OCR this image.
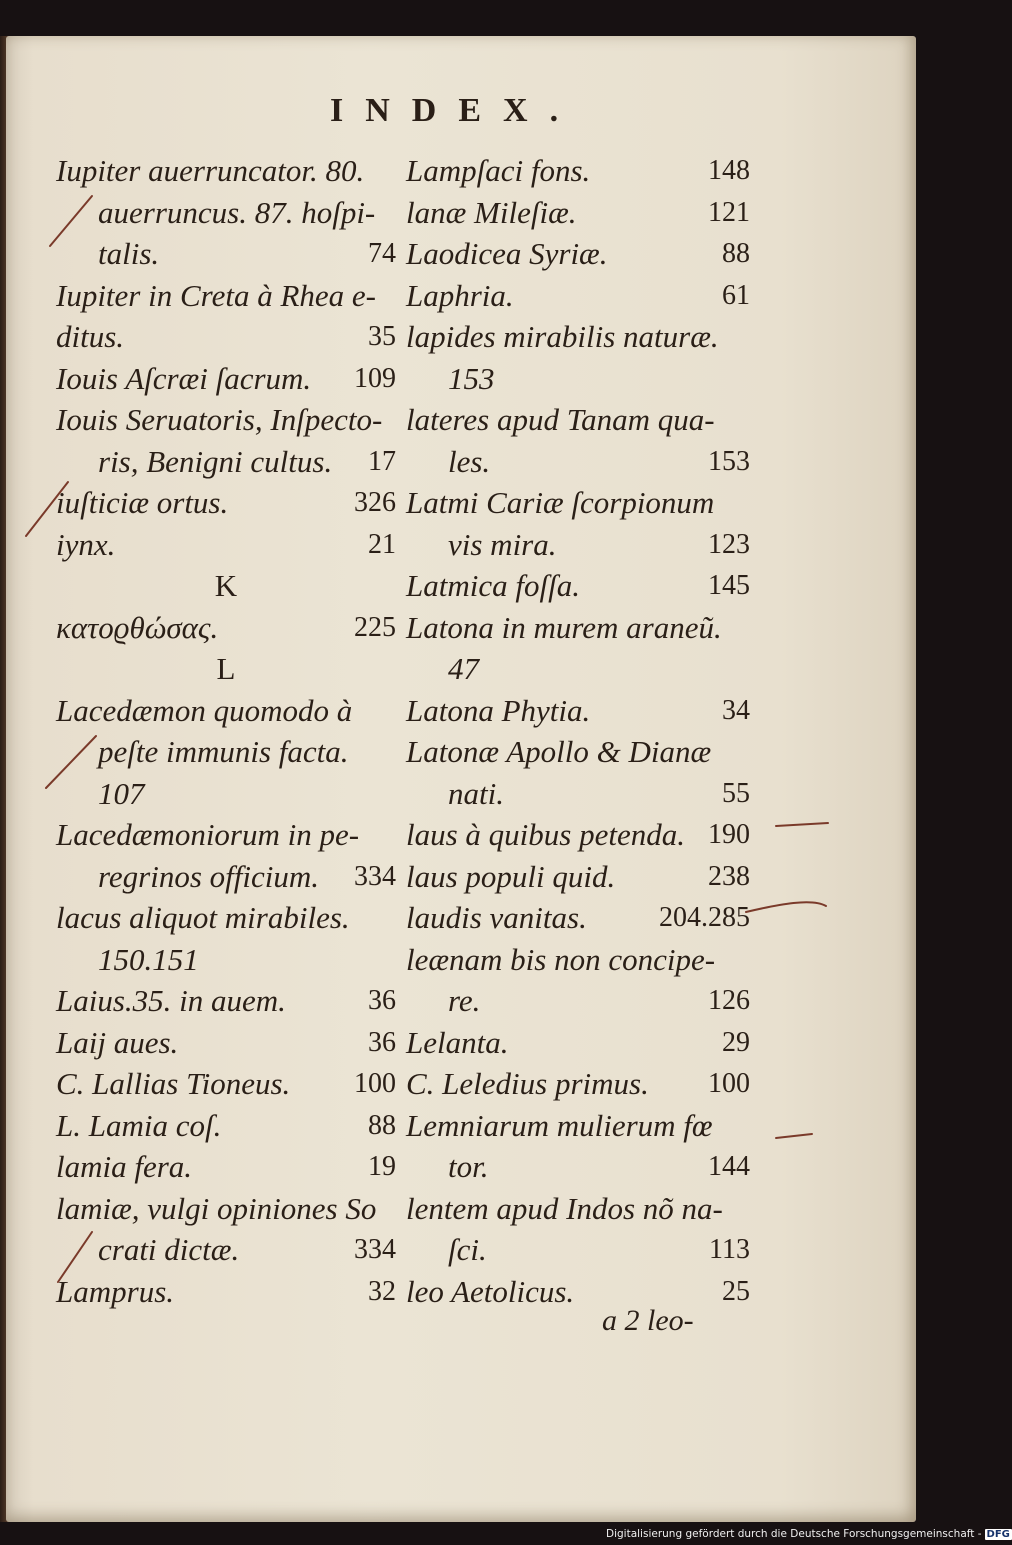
INDEX.
Iupiter auerruncator. 80.
auerruncus. 87. hoſpi-
talis.	74
Iupiter in Creta à Rhea e-
ditus.	35
Iouis Aſcræi ſacrum. 109
Iouis Seruatoris, Inſpecto-
ris, Benigni cultus. 17
iuſticiæ ortus.	326
iynx.	21
K
κατοϱθώσας.	225
L
Lacedæmon quomodo à
peſte immunis facta.
107
Lacedæmoniorum in pe-
regrinos officium. 334
lacus aliquot mirabiles.
150.151
Laius.35. in auem.	36
Laij aues.	36
C. Lallias Tioneus. 100
L. Lamia coſ.	88
lamia fera.	19
lamiæ, vulgi opiniones So
crati dictæ.	334
Lamprus.	32
Lampſaci fons.	148
lanæ Mileſiæ.	121
Laodicea Syriæ.	88
Laphria.	61
lapides mirabilis naturæ.
153
lateres apud Tanam qua-
les.	153
Latmi Cariæ ſcorpionum
vis mira.	123
Latmica foſſa.	145
Latona in murem araneũ.
47
Latona Phytia.	34
Latonæ Apollo & Dianæ
nati.	55
laus à quibus petenda. 190
laus populi quid.	238
laudis vanitas.	204.285
leænam bis non concipe-
re.	126
Lelanta.	29
C. Leledius primus. 100
Lemniarum mulierum fœ
tor.	144
lentem apud Indos nõ na-
ſci.	113
leo Aetolicus.	25
a 2 leo-
Digitalisierung gefördert durch die Deutsche Forschungsgemeinschaft - DFG
